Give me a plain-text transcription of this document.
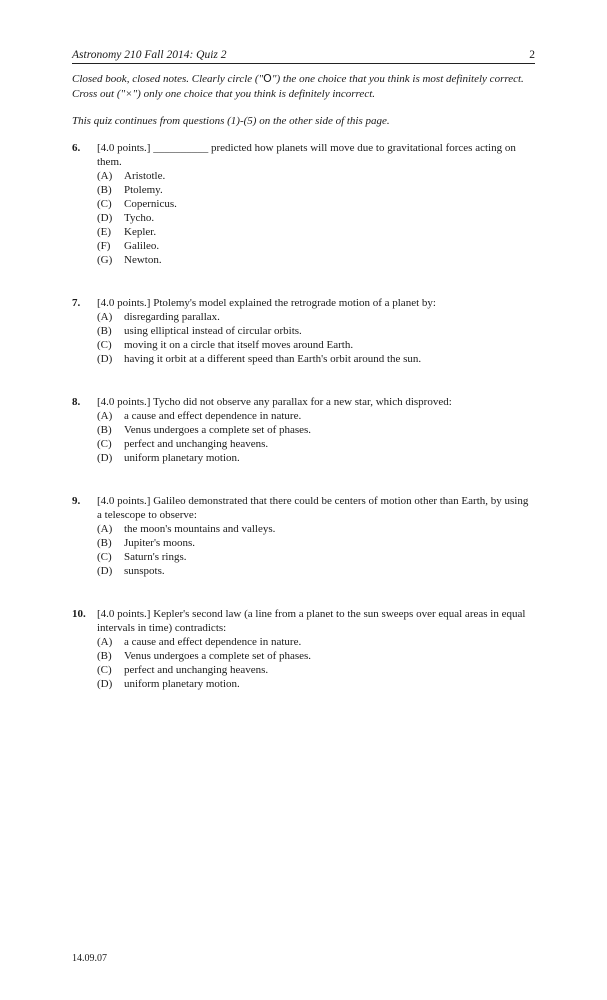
Astronomy 210 Fall 2014: Quiz 2	2
Closed book, closed notes. Clearly circle ("O") the one choice that you think is most definitely correct. Cross out ("×") only one choice that you think is definitely incorrect.
This quiz continues from questions (1)-(5) on the other side of this page.
6.	[4.0 points.] __________ predicted how planets will move due to gravitational forces acting on them.
(A)	Aristotle.
(B)	Ptolemy.
(C)	Copernicus.
(D)	Tycho.
(E)	Kepler.
(F)	Galileo.
(G)	Newton.
7.	[4.0 points.] Ptolemy's model explained the retrograde motion of a planet by:
(A)	disregarding parallax.
(B)	using elliptical instead of circular orbits.
(C)	moving it on a circle that itself moves around Earth.
(D)	having it orbit at a different speed than Earth's orbit around the sun.
8.	[4.0 points.] Tycho did not observe any parallax for a new star, which disproved:
(A)	a cause and effect dependence in nature.
(B)	Venus undergoes a complete set of phases.
(C)	perfect and unchanging heavens.
(D)	uniform planetary motion.
9.	[4.0 points.] Galileo demonstrated that there could be centers of motion other than Earth, by using a telescope to observe:
(A)	the moon's mountains and valleys.
(B)	Jupiter's moons.
(C)	Saturn's rings.
(D)	sunspots.
10.	[4.0 points.] Kepler's second law (a line from a planet to the sun sweeps over equal areas in equal intervals in time) contradicts:
(A)	a cause and effect dependence in nature.
(B)	Venus undergoes a complete set of phases.
(C)	perfect and unchanging heavens.
(D)	uniform planetary motion.
14.09.07
